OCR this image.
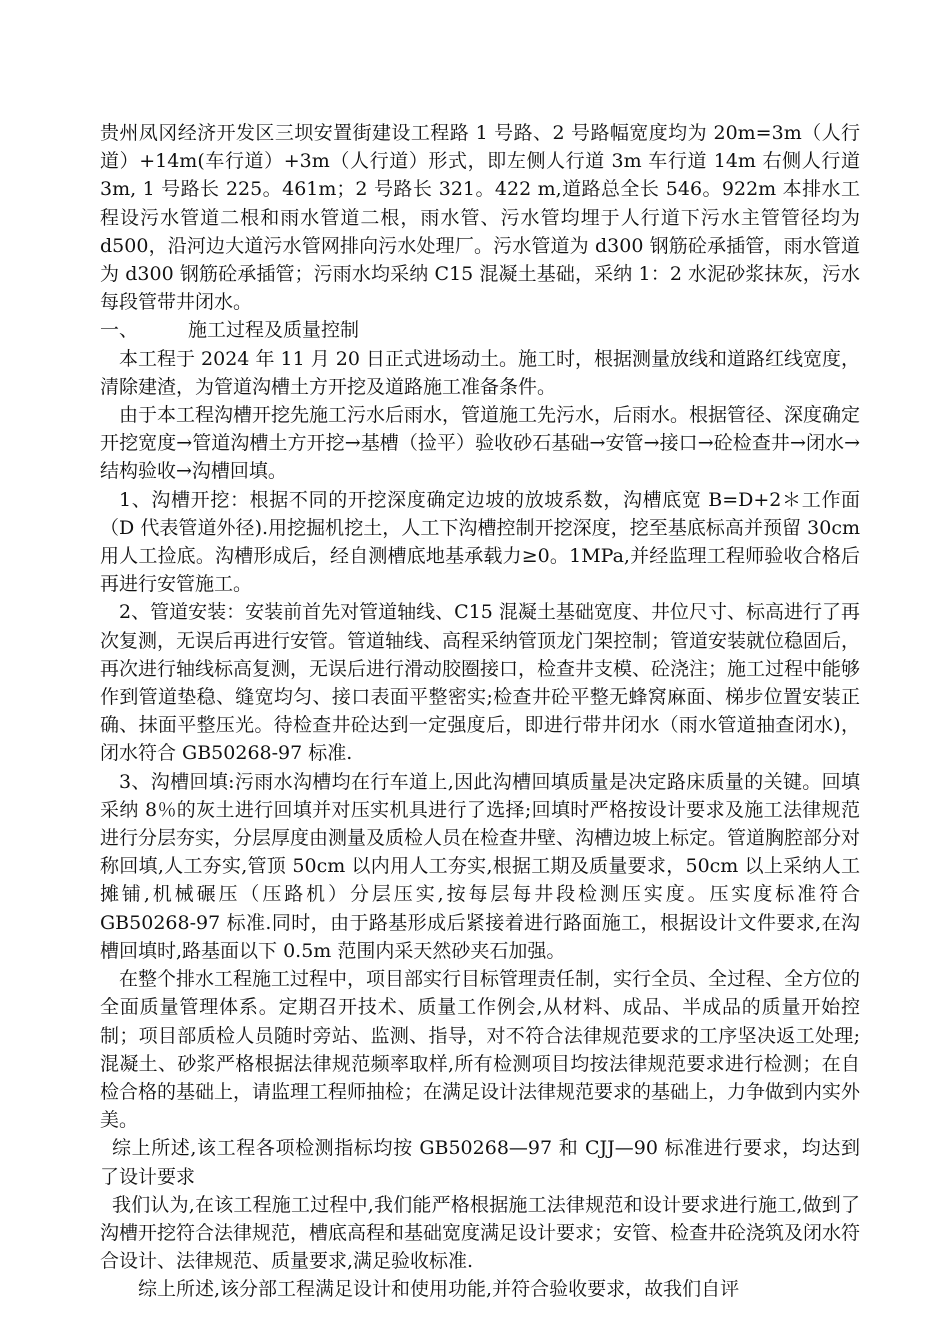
贵州凤冈经济开发区三坝安置街建设工程路 1 号路、2 号路幅宽度均为 20m=3m（人行道）+14m(车行道）+3m（人行道）形式，即左侧人行道 3m 车行道 14m 右侧人行道 3m, 1 号路长 225。461m；2 号路长 321。422 m,道路总全长 546。922m 本排水工程设污水管道二根和雨水管道二根，雨水管、污水管均埋于人行道下污水主管管径均为 d500，沿河边大道污水管网排向污水处理厂。污水管道为 d300 钢筋砼承插管，雨水管道为 d300 钢筋砼承插管；污雨水均采纳 C15 混凝土基础，采纳 1：2 水泥砂浆抹灰，污水每段管带井闭水。

一、	施工过程及质量控制

本工程于 2024 年 11 月 20 日正式进场动土。施工时，根据测量放线和道路红线宽度，清除建渣，为管道沟槽土方开挖及道路施工准备条件。

由于本工程沟槽开挖先施工污水后雨水，管道施工先污水，后雨水。根据管径、深度确定开挖宽度→管道沟槽土方开挖→基槽（捡平）验收砂石基础→安管→接口→砼检查井→闭水→结构验收→沟槽回填。

1、沟槽开挖：根据不同的开挖深度确定边坡的放坡系数，沟槽底宽 B=D+2＊工作面（D 代表管道外径).用挖掘机挖土，人工下沟槽控制开挖深度，挖至基底标高并预留 30cm 用人工捡底。沟槽形成后，经自测槽底地基承载力≥0。1MPa,并经监理工程师验收合格后再进行安管施工。

2、管道安装：安装前首先对管道轴线、C15 混凝土基础宽度、井位尺寸、标高进行了再次复测，无误后再进行安管。管道轴线、高程采纳管顶龙门架控制；管道安装就位稳固后，再次进行轴线标高复测，无误后进行滑动胶圈接口，检查井支模、砼浇注；施工过程中能够作到管道垫稳、缝宽均匀、接口表面平整密实;检查井砼平整无蜂窝麻面、梯步位置安装正确、抹面平整压光。待检查井砼达到一定强度后，即进行带井闭水（雨水管道抽查闭水)，闭水符合 GB50268-97 标准.

3、沟槽回填:污雨水沟槽均在行车道上,因此沟槽回填质量是决定路床质量的关键。回填采纳 8％的灰土进行回填并对压实机具进行了选择;回填时严格按设计要求及施工法律规范进行分层夯实，分层厚度由测量及质检人员在检查井壁、沟槽边坡上标定。管道胸腔部分对称回填,人工夯实,管顶 50cm 以内用人工夯实,根据工期及质量要求，50cm 以上采纳人工摊铺,机械碾压（压路机）分层压实,按每层每井段检测压实度。压实度标准符合 GB50268-97 标准.同时，由于路基形成后紧接着进行路面施工，根据设计文件要求,在沟槽回填时,路基面以下 0.5m 范围内采天然砂夹石加强。

在整个排水工程施工过程中，项目部实行目标管理责任制，实行全员、全过程、全方位的全面质量管理体系。定期召开技术、质量工作例会,从材料、成品、半成品的质量开始控制；项目部质检人员随时旁站、监测、指导，对不符合法律规范要求的工序坚决返工处理;混凝土、砂浆严格根据法律规范频率取样,所有检测项目均按法律规范要求进行检测；在自检合格的基础上，请监理工程师抽检；在满足设计法律规范要求的基础上，力争做到内实外美。

综上所述,该工程各项检测指标均按 GB50268—97 和 CJJ—90 标准进行要求，均达到了设计要求

我们认为,在该工程施工过程中,我们能严格根据施工法律规范和设计要求进行施工,做到了沟槽开挖符合法律规范，槽底高程和基础宽度满足设计要求；安管、检查井砼浇筑及闭水符合设计、法律规范、质量要求,满足验收标准.

综上所述,该分部工程满足设计和使用功能,并符合验收要求，故我们自评
